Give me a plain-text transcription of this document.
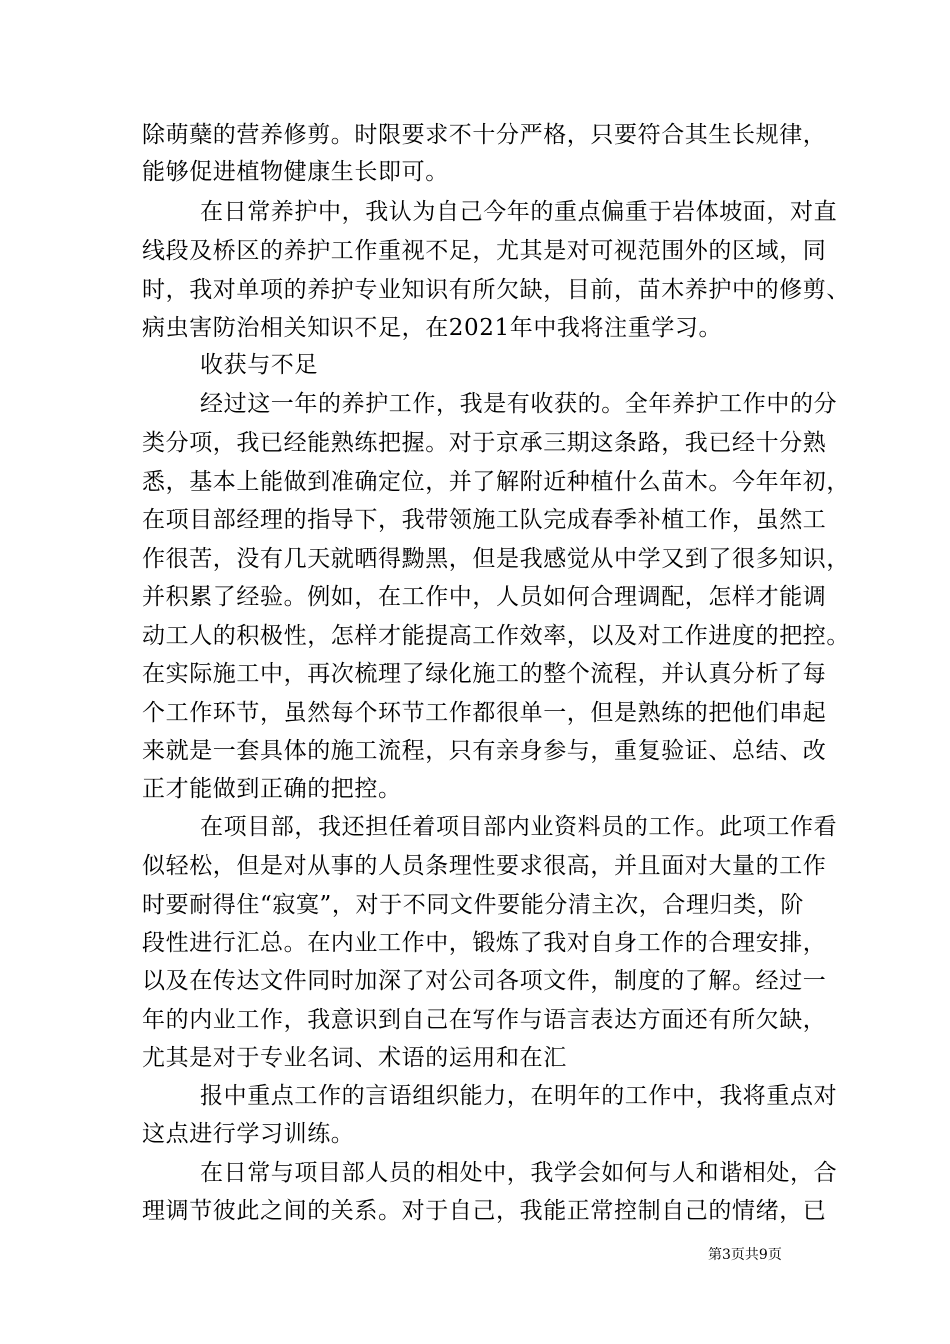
除萌蘖的营养修剪。时限要求不十分严格，只要符合其生长规律，
能够促进植物健康生长即可。
在日常养护中，我认为自己今年的重点偏重于岩体坡面，对直
线段及桥区的养护工作重视不足，尤其是对可视范围外的区域，同
时，我对单项的养护专业知识有所欠缺，目前，苗木养护中的修剪、
病虫害防治相关知识不足，在2021年中我将注重学习。
收获与不足
经过这一年的养护工作，我是有收获的。全年养护工作中的分
类分项，我已经能熟练把握。对于京承三期这条路，我已经十分熟
悉，基本上能做到准确定位，并了解附近种植什么苗木。今年年初，
在项目部经理的指导下，我带领施工队完成春季补植工作，虽然工
作很苦，没有几天就晒得黝黑，但是我感觉从中学又到了很多知识，
并积累了经验。例如，在工作中，人员如何合理调配，怎样才能调
动工人的积极性，怎样才能提高工作效率，以及对工作进度的把控。
在实际施工中，再次梳理了绿化施工的整个流程，并认真分析了每
个工作环节，虽然每个环节工作都很单一，但是熟练的把他们串起
来就是一套具体的施工流程，只有亲身参与，重复验证、总结、改
正才能做到正确的把控。
在项目部，我还担任着项目部内业资料员的工作。此项工作看
似轻松，但是对从事的人员条理性要求很高，并且面对大量的工作
时要耐得住“寂寞”，对于不同文件要能分清主次，合理归类，阶
段性进行汇总。在内业工作中，锻炼了我对自身工作的合理安排，
以及在传达文件同时加深了对公司各项文件，制度的了解。经过一
年的内业工作，我意识到自己在写作与语言表达方面还有所欠缺，
尤其是对于专业名词、术语的运用和在汇
报中重点工作的言语组织能力，在明年的工作中，我将重点对
这点进行学习训练。
在日常与项目部人员的相处中，我学会如何与人和谐相处，合
理调节彼此之间的关系。对于自己，我能正常控制自己的情绪，已
第3页共9页
